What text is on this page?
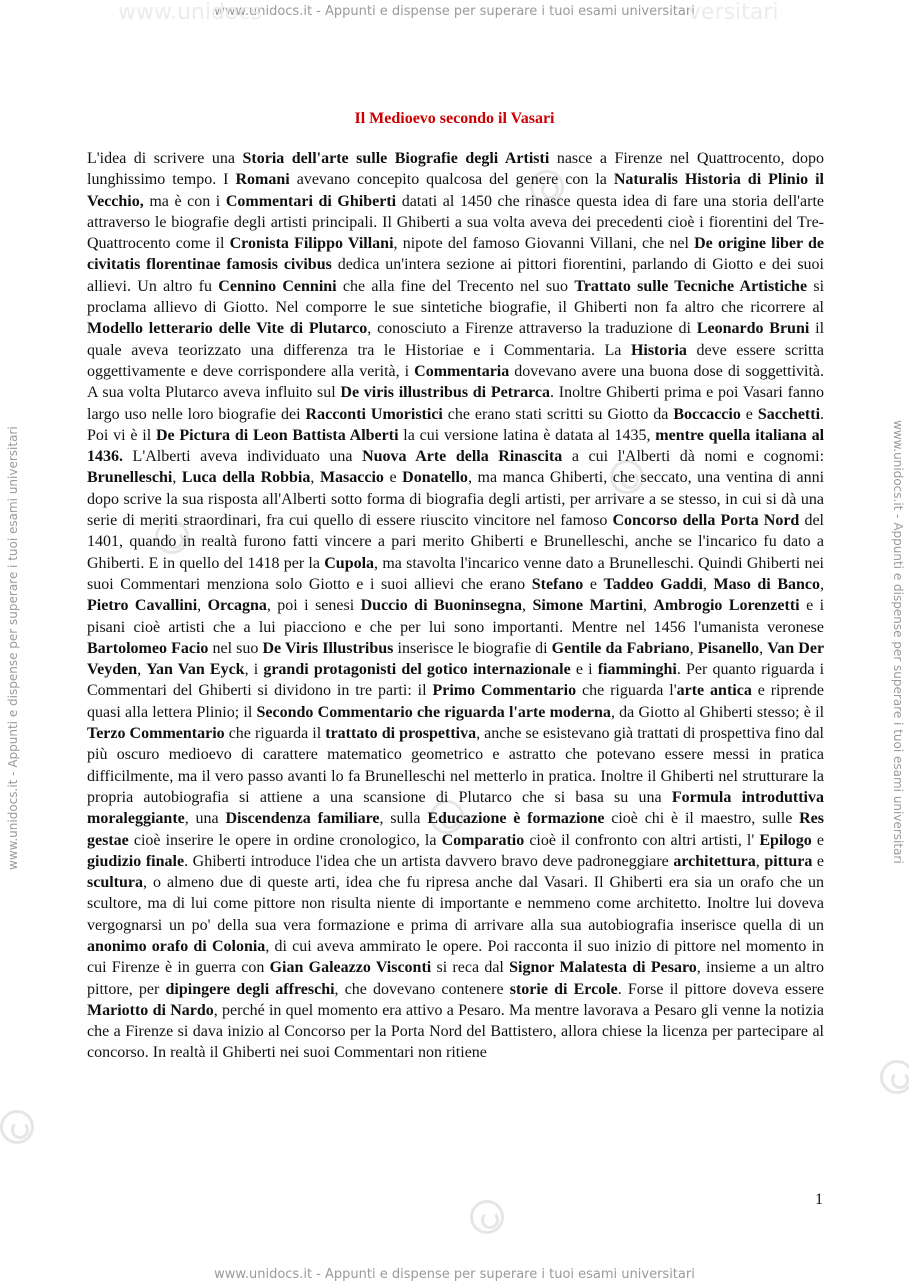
www.unidocs.it - Appunti e dispense per superare i tuoi esami universitari
www.unidocs	versitari
www.unidocs.it - Appunti e dispense per superare i tuoi esami universitari	www.unidocs.it - Appunti e dispense per superare i tuoi esami universitari
Il Medioevo secondo il Vasari

L'idea di scrivere una Storia dell'arte sulle Biografie degli Artisti nasce a Firenze nel Quattrocento, dopo lunghissimo tempo. I Romani avevano concepito qualcosa del genere con la Naturalis Historia di Plinio il Vecchio, ma è con i Commentari di Ghiberti datati al 1450 che rinasce questa idea di fare una storia dell'arte attraverso le biografie degli artisti principali. Il Ghiberti a sua volta aveva dei precedenti cioè i fiorentini del Tre-Quattrocento come il Cronista Filippo Villani, nipote del famoso Giovanni Villani, che nel De origine liber de civitatis florentinae famosis civibus dedica un'intera sezione ai pittori fiorentini, parlando di Giotto e dei suoi allievi. Un altro fu Cennino Cennini che alla fine del Trecento nel suo Trattato sulle Tecniche Artistiche si proclama allievo di Giotto. Nel comporre le sue sintetiche biografie, il Ghiberti non fa altro che ricorrere al Modello letterario delle Vite di Plutarco, conosciuto a Firenze attraverso la traduzione di Leonardo Bruni il quale aveva teorizzato una differenza tra le Historiae e i Commentaria. La Historia deve essere scritta oggettivamente e deve corrispondere alla verità, i Commentaria dovevano avere una buona dose di soggettività. A sua volta Plutarco aveva influito sul De viris illustribus di Petrarca. Inoltre Ghiberti prima e poi Vasari fanno largo uso nelle loro biografie dei Racconti Umoristici che erano stati scritti su Giotto da Boccaccio e Sacchetti. Poi vi è il De Pictura di Leon Battista Alberti la cui versione latina è datata al 1435, mentre quella italiana al 1436. L'Alberti aveva individuato una Nuova Arte della Rinascita a cui l'Alberti dà nomi e cognomi: Brunelleschi, Luca della Robbia, Masaccio e Donatello, ma manca Ghiberti, che seccato, una ventina di anni dopo scrive la sua risposta all'Alberti sotto forma di biografia degli artisti, per arrivare a se stesso, in cui si dà una serie di meriti straordinari, fra cui quello di essere riuscito vincitore nel famoso Concorso della Porta Nord del 1401, quando in realtà furono fatti vincere a pari merito Ghiberti e Brunelleschi, anche se l'incarico fu dato a Ghiberti. E in quello del 1418 per la Cupola, ma stavolta l'incarico venne dato a Brunelleschi. Quindi Ghiberti nei suoi Commentari menziona solo Giotto e i suoi allievi che erano Stefano e Taddeo Gaddi, Maso di Banco, Pietro Cavallini, Orcagna, poi i senesi Duccio di Buoninsegna, Simone Martini, Ambrogio Lorenzetti e i pisani cioè artisti che a lui piacciono e che per lui sono importanti. Mentre nel 1456 l'umanista veronese Bartolomeo Facio nel suo De Viris Illustribus inserisce le biografie di Gentile da Fabriano, Pisanello, Van Der Veyden, Yan Van Eyck, i grandi protagonisti del gotico internazionale e i fiamminghi. Per quanto riguarda i Commentari del Ghiberti si dividono in tre parti: il Primo Commentario che riguarda l'arte antica e riprende quasi alla lettera Plinio; il Secondo Commentario che riguarda l'arte moderna, da Giotto al Ghiberti stesso; è il Terzo Commentario che riguarda il trattato di prospettiva, anche se esistevano già trattati di prospettiva fino dal più oscuro medioevo di carattere matematico geometrico e astratto che potevano essere messi in pratica difficilmente, ma il vero passo avanti lo fa Brunelleschi nel metterlo in pratica. Inoltre il Ghiberti nel strutturare la propria autobiografia si attiene a una scansione di Plutarco che si basa su una Formula introduttiva moraleggiante, una Discendenza familiare, sulla Educazione è formazione cioè chi è il maestro, sulle Res gestae cioè inserire le opere in ordine cronologico, la Comparatio cioè il confronto con altri artisti, l' Epilogo e giudizio finale. Ghiberti introduce l'idea che un artista davvero bravo deve padroneggiare architettura, pittura e scultura, o almeno due di queste arti, idea che fu ripresa anche dal Vasari. Il Ghiberti era sia un orafo che un scultore, ma di lui come pittore non risulta niente di importante e nemmeno come architetto. Inoltre lui doveva vergognarsi un po' della sua vera formazione e prima di arrivare alla sua autobiografia inserisce quella di un anonimo orafo di Colonia, di cui aveva ammirato le opere. Poi racconta il suo inizio di pittore nel momento in cui Firenze è in guerra con Gian Galeazzo Visconti si reca dal Signor Malatesta di Pesaro, insieme a un altro pittore, per dipingere degli affreschi, che dovevano contenere storie di Ercole. Forse il pittore doveva essere Mariotto di Nardo, perché in quel momento era attivo a Pesaro. Ma mentre lavorava a Pesaro gli venne la notizia che a Firenze si dava inizio al Concorso per la Porta Nord del Battistero, allora chiese la licenza per partecipare al concorso. In realtà il Ghiberti nei suoi Commentari non ritiene

1
www.unidocs.it - Appunti e dispense per superare i tuoi esami universitari
